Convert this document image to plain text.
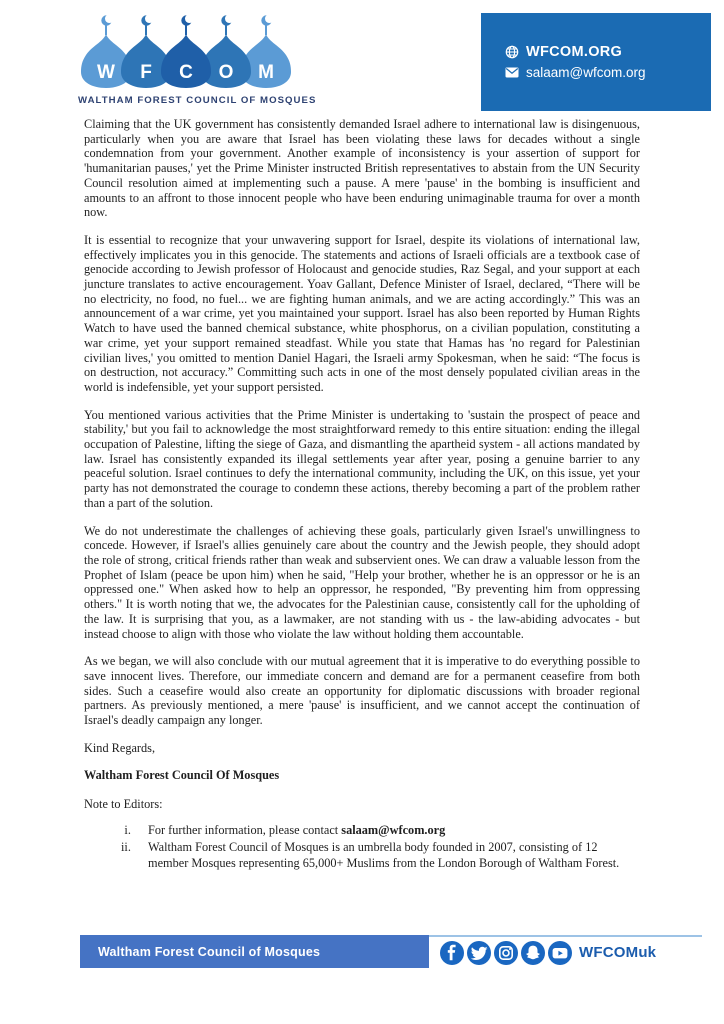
W F C O M
WALTHAM FOREST COUNCIL OF MOSQUES
WFCOM.ORG
salaam@wfcom.org

Claiming that the UK government has consistently demanded Israel adhere to international law is disingenuous, particularly when you are aware that Israel has been violating these laws for decades without a single condemnation from your government. Another example of inconsistency is your assertion of support for 'humanitarian pauses,' yet the Prime Minister instructed British representatives to abstain from the UN Security Council resolution aimed at implementing such a pause. A mere 'pause' in the bombing is insufficient and amounts to an affront to those innocent people who have been enduring unimaginable trauma for over a month now.

It is essential to recognize that your unwavering support for Israel, despite its violations of international law, effectively implicates you in this genocide. The statements and actions of Israeli officials are a textbook case of genocide according to Jewish professor of Holocaust and genocide studies, Raz Segal, and your support at each juncture translates to active encouragement. Yoav Gallant, Defence Minister of Israel, declared, “There will be no electricity, no food, no fuel... we are fighting human animals, and we are acting accordingly.” This was an announcement of a war crime, yet you maintained your support. Israel has also been reported by Human Rights Watch to have used the banned chemical substance, white phosphorus, on a civilian population, constituting a war crime, yet your support remained steadfast. While you state that Hamas has 'no regard for Palestinian civilian lives,' you omitted to mention Daniel Hagari, the Israeli army Spokesman, when he said: “The focus is on destruction, not accuracy.” Committing such acts in one of the most densely populated civilian areas in the world is indefensible, yet your support persisted.

You mentioned various activities that the Prime Minister is undertaking to 'sustain the prospect of peace and stability,' but you fail to acknowledge the most straightforward remedy to this entire situation: ending the illegal occupation of Palestine, lifting the siege of Gaza, and dismantling the apartheid system - all actions mandated by law. Israel has consistently expanded its illegal settlements year after year, posing a genuine barrier to any peaceful solution. Israel continues to defy the international community, including the UK, on this issue, yet your party has not demonstrated the courage to condemn these actions, thereby becoming a part of the problem rather than a part of the solution.

We do not underestimate the challenges of achieving these goals, particularly given Israel's unwillingness to concede. However, if Israel's allies genuinely care about the country and the Jewish people, they should adopt the role of strong, critical friends rather than weak and subservient ones. We can draw a valuable lesson from the Prophet of Islam (peace be upon him) when he said, "Help your brother, whether he is an oppressor or he is an oppressed one." When asked how to help an oppressor, he responded, "By preventing him from oppressing others." It is worth noting that we, the advocates for the Palestinian cause, consistently call for the upholding of the law. It is surprising that you, as a lawmaker, are not standing with us - the law-abiding advocates - but instead choose to align with those who violate the law without holding them accountable.

As we began, we will also conclude with our mutual agreement that it is imperative to do everything possible to save innocent lives. Therefore, our immediate concern and demand are for a permanent ceasefire from both sides. Such a ceasefire would also create an opportunity for diplomatic discussions with broader regional partners. As previously mentioned, a mere 'pause' is insufficient, and we cannot accept the continuation of Israel's deadly campaign any longer.

Kind Regards,
Waltham Forest Council Of Mosques
Note to Editors:
i. For further information, please contact salaam@wfcom.org
ii. Waltham Forest Council of Mosques is an umbrella body founded in 2007, consisting of 12 member Mosques representing 65,000+ Muslims from the London Borough of Waltham Forest.
Waltham Forest Council of Mosques	WFCOMuk
